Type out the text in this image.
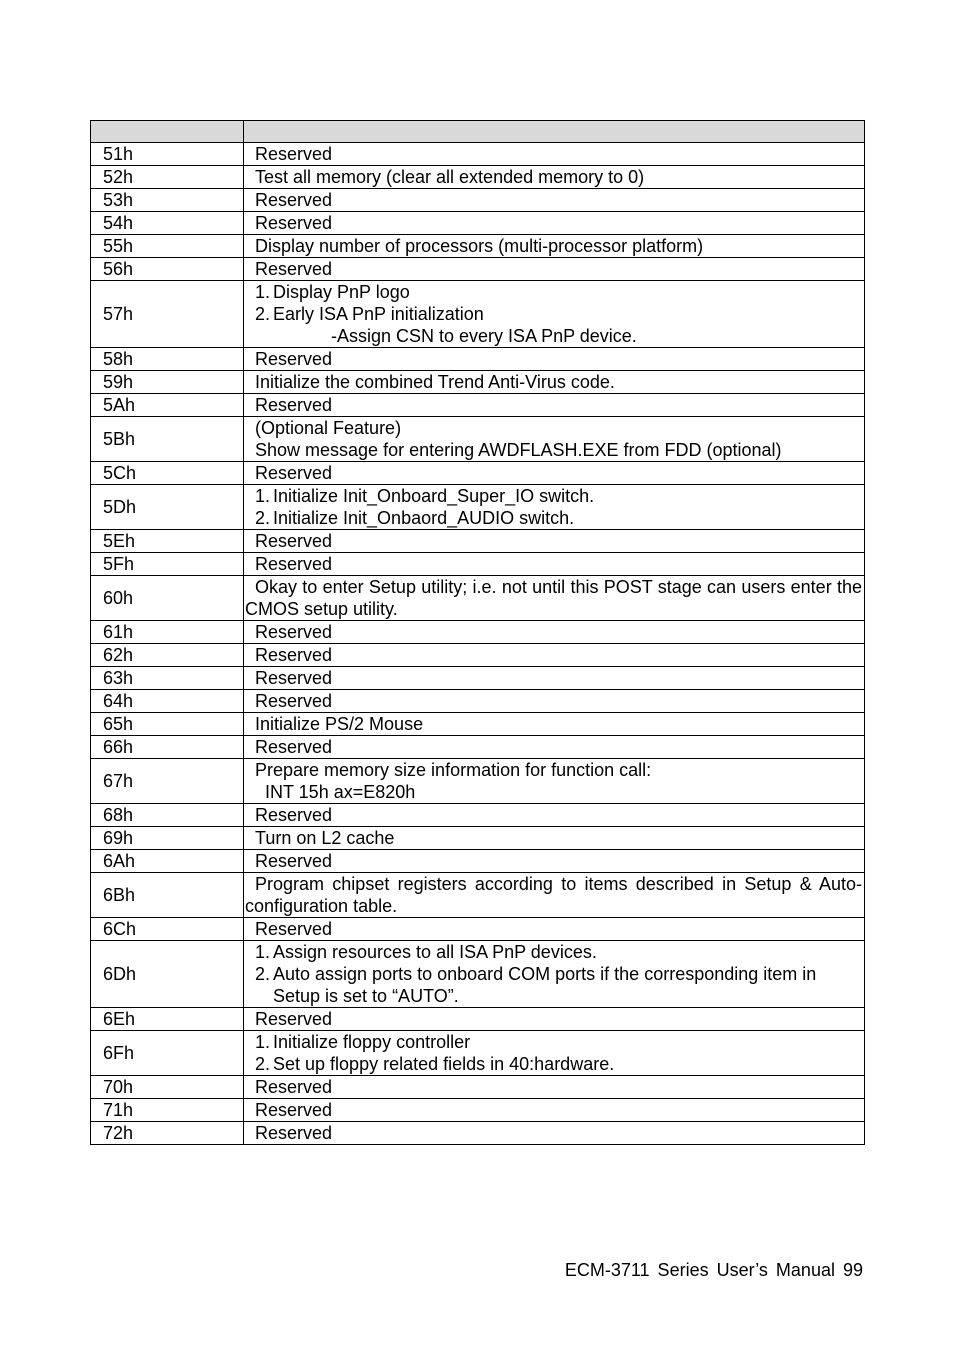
51h	Reserved

52h	Test all memory (clear all extended memory to 0)

53h	Reserved

54h	Reserved

55h	Display number of processors (multi-processor platform)

56h	Reserved

57h	1. Display PnP logo
2. Early ISA PnP initialization
-Assign CSN to every ISA PnP device.

58h	Reserved

59h	Initialize the combined Trend Anti-Virus code.

5Ah	Reserved

5Bh	(Optional Feature)
Show message for entering AWDFLASH.EXE from FDD (optional)

5Ch	Reserved

5Dh	1. Initialize Init_Onboard_Super_IO switch.
2. Initialize Init_Onbaord_AUDIO switch.

5Eh	Reserved

5Fh	Reserved

60h	Okay to enter Setup utility; i.e. not until this POST stage can users enter the CMOS setup utility.

61h	Reserved

62h	Reserved

63h	Reserved

64h	Reserved

65h	Initialize PS/2 Mouse

66h	Reserved

67h	Prepare memory size information for function call:
INT 15h ax=E820h

68h	Reserved

69h	Turn on L2 cache

6Ah	Reserved

6Bh	Program chipset registers according to items described in Setup & Auto-configuration table.

6Ch	Reserved

6Dh	1. Assign resources to all ISA PnP devices.
2. Auto assign ports to onboard COM ports if the corresponding item in Setup is set to “AUTO”.

6Eh	Reserved

6Fh	1. Initialize floppy controller
2. Set up floppy related fields in 40:hardware.

70h	Reserved

71h	Reserved

72h	Reserved
ECM-3711 Series User’s Manual 99
